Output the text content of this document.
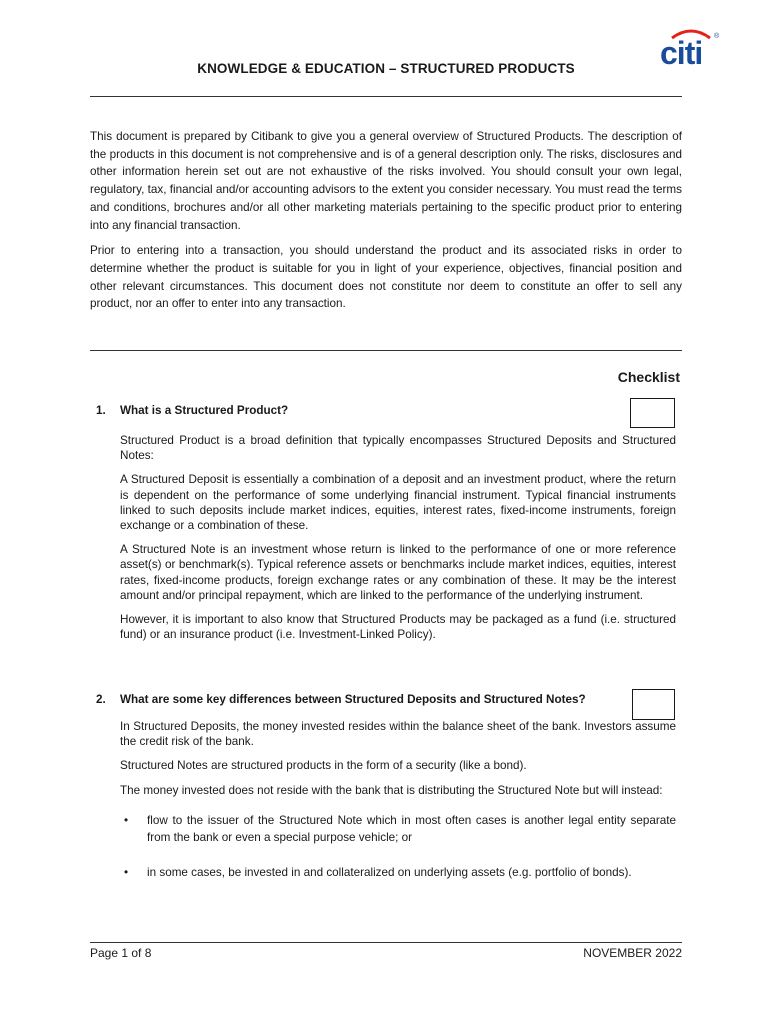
citi ®
KNOWLEDGE & EDUCATION – STRUCTURED PRODUCTS

This document is prepared by Citibank to give you a general overview of Structured Products. The description of the products in this document is not comprehensive and is of a general description only. The risks, disclosures and other information herein set out are not exhaustive of the risks involved. You should consult your own legal, regulatory, tax, financial and/or accounting advisors to the extent you consider necessary. You must read the terms and conditions, brochures and/or all other marketing materials pertaining to the specific product prior to entering into any financial transaction.

Prior to entering into a transaction, you should understand the product and its associated risks in order to determine whether the product is suitable for you in light of your experience, objectives, financial position and other relevant circumstances. This document does not constitute nor deem to constitute an offer to sell any product, nor an offer to enter into any transaction.

Checklist
1. What is a Structured Product?

Structured Product is a broad definition that typically encompasses Structured Deposits and Structured Notes:

A Structured Deposit is essentially a combination of a deposit and an investment product, where the return is dependent on the performance of some underlying financial instrument. Typical financial instruments linked to such deposits include market indices, equities, interest rates, fixed-income instruments, foreign exchange or a combination of these.

A Structured Note is an investment whose return is linked to the performance of one or more reference asset(s) or benchmark(s). Typical reference assets or benchmarks include market indices, equities, interest rates, fixed-income products, foreign exchange rates or any combination of these. It may be the interest amount and/or principal repayment, which are linked to the performance of the underlying instrument.

However, it is important to also know that Structured Products may be packaged as a fund (i.e. structured fund) or an insurance product (i.e. Investment-Linked Policy).

2. What are some key differences between Structured Deposits and Structured Notes?

In Structured Deposits, the money invested resides within the balance sheet of the bank. Investors assume the credit risk of the bank.

Structured Notes are structured products in the form of a security (like a bond).

The money invested does not reside with the bank that is distributing the Structured Note but will instead:

• flow to the issuer of the Structured Note which in most often cases is another legal entity separate from the bank or even a special purpose vehicle; or
• in some cases, be invested in and collateralized on underlying assets (e.g. portfolio of bonds).
Page 1 of 8	NOVEMBER 2022
